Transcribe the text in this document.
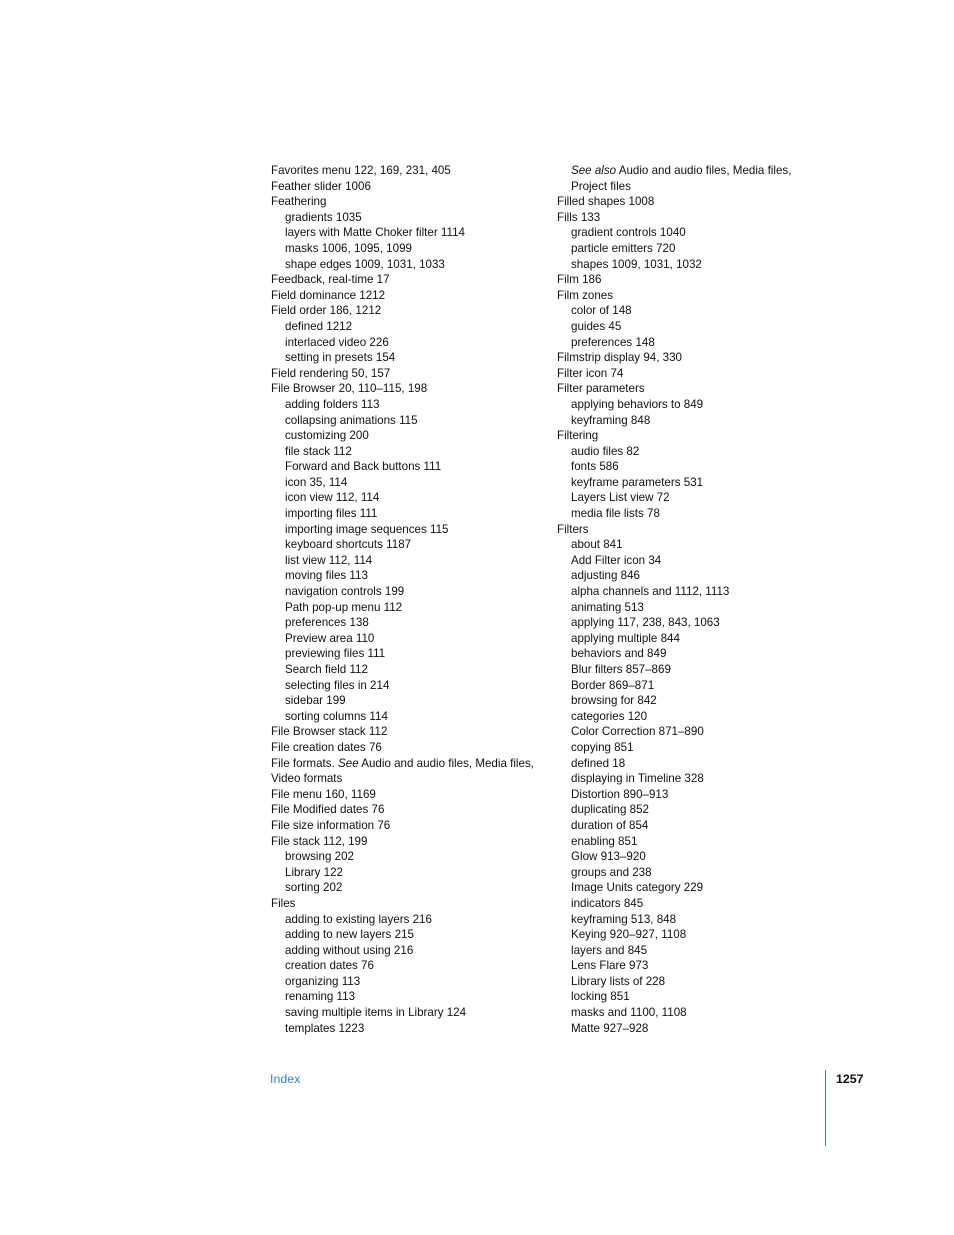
Favorites menu 122, 169, 231, 405
Feather slider 1006
Feathering
gradients 1035
layers with Matte Choker filter 1114
masks 1006, 1095, 1099
shape edges 1009, 1031, 1033
Feedback, real-time 17
Field dominance 1212
Field order 186, 1212
defined 1212
interlaced video 226
setting in presets 154
Field rendering 50, 157
File Browser 20, 110–115, 198
adding folders 113
collapsing animations 115
customizing 200
file stack 112
Forward and Back buttons 111
icon 35, 114
icon view 112, 114
importing files 111
importing image sequences 115
keyboard shortcuts 1187
list view 112, 114
moving files 113
navigation controls 199
Path pop-up menu 112
preferences 138
Preview area 110
previewing files 111
Search field 112
selecting files in 214
sidebar 199
sorting columns 114
File Browser stack 112
File creation dates 76
File formats. See Audio and audio files, Media files, Video formats
File menu 160, 1169
File Modified dates 76
File size information 76
File stack 112, 199
browsing 202
Library 122
sorting 202
Files
adding to existing layers 216
adding to new layers 215
adding without using 216
creation dates 76
organizing 113
renaming 113
saving multiple items in Library 124
templates 1223
See also Audio and audio files, Media files, Project files
Filled shapes 1008
Fills 133
gradient controls 1040
particle emitters 720
shapes 1009, 1031, 1032
Film 186
Film zones
color of 148
guides 45
preferences 148
Filmstrip display 94, 330
Filter icon 74
Filter parameters
applying behaviors to 849
keyframing 848
Filtering
audio files 82
fonts 586
keyframe parameters 531
Layers List view 72
media file lists 78
Filters
about 841
Add Filter icon 34
adjusting 846
alpha channels and 1112, 1113
animating 513
applying 117, 238, 843, 1063
applying multiple 844
behaviors and 849
Blur filters 857–869
Border 869–871
browsing for 842
categories 120
Color Correction 871–890
copying 851
defined 18
displaying in Timeline 328
Distortion 890–913
duplicating 852
duration of 854
enabling 851
Glow 913–920
groups and 238
Image Units category 229
indicators 845
keyframing 513, 848
Keying 920–927, 1108
layers and 845
Lens Flare 973
Library lists of 228
locking 851
masks and 1100, 1108
Matte 927–928
Index	1257
